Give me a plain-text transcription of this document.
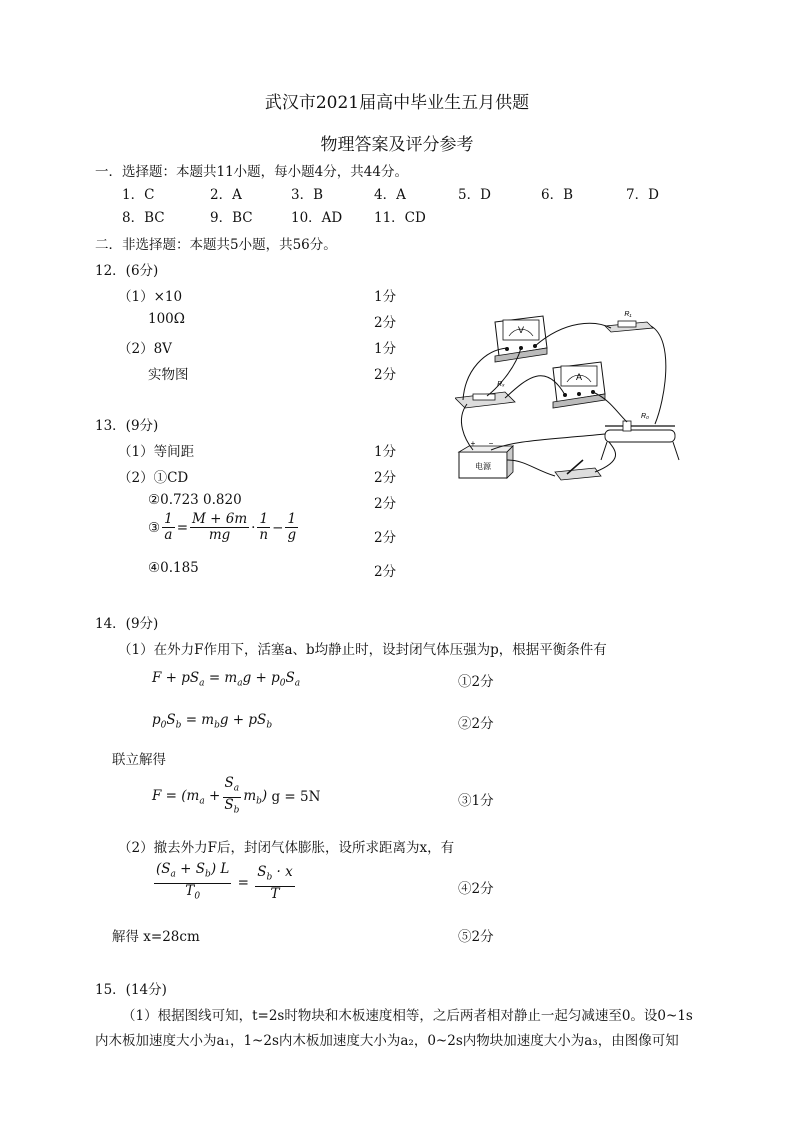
武汉市2021届高中毕业生五月供题
物理答案及评分参考
一．选择题：本题共11小题，每小题4分，共44分。
1．C	2．A	3．B	4．A	5．D	6．B	7．D
8．BC	9．BC	10．AD 11．CD
二．非选择题：本题共5小题，共56分。
12．(6分)
（1）×10	1分
100Ω	2分
（2）8V	1分
实物图	2分
V
R₁
Rₓ
A
R₀
电源
+ −
13．(9分)
（1）等间距	1分
（2）①CD	2分
②0.723 0.820	2分
③ $\frac{1}{a} = \frac{M + 6m}{mg} \cdot \frac{1}{n} - \frac{1}{g}$	2分
④0.185	2分
14．(9分)
（1）在外力F作用下，活塞a、b均静止时，设封闭气体压强为p，根据平衡条件有
$F + pS_a = m_ag + p_0S_a$	①2分
$p_0S_b = m_bg + pS_b$	②2分
联立解得
$F = (m_a + \frac{S_a}{S_b} m_b) g = 5N$	③1分
（2）撤去外力F后，封闭气体膨胀，设所求距离为x，有
$\frac{(S_a + S_b) L}{T_0} = \frac{S_b \cdot x}{T}$	④2分
解得 x=28cm	⑤2分
15．(14分)
（1）根据图线可知，t=2s时物块和木板速度相等，之后两者相对静止一起匀减速至0。设0~1s
内木板加速度大小为a₁，1~2s内木板加速度大小为a₂，0~2s内物块加速度大小为a₃，由图像可知
